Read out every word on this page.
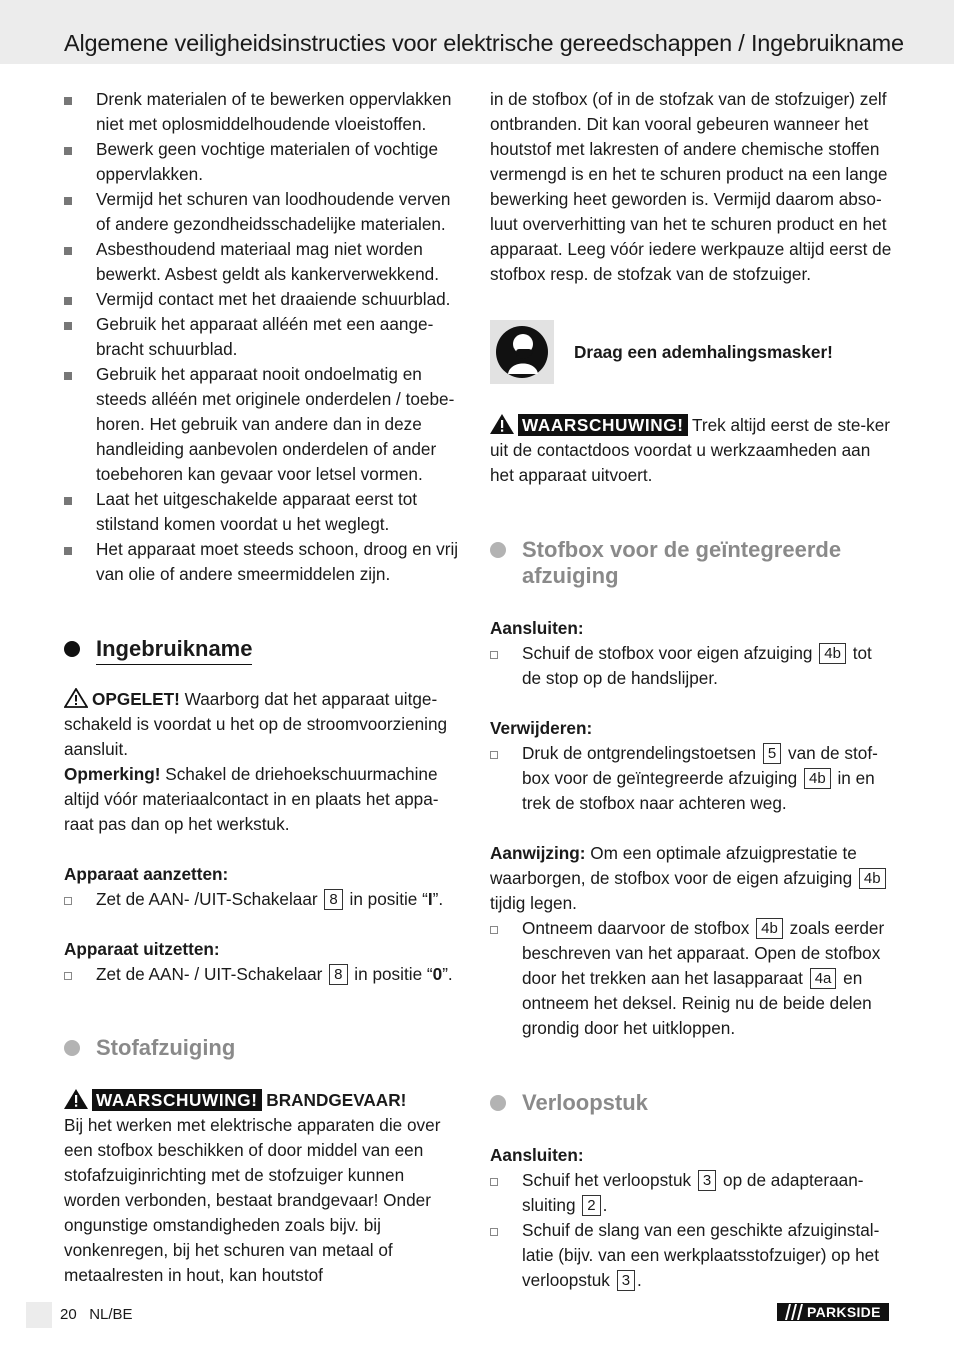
Algemene veiligheidsinstructies voor elektrische gereedschappen / Ingebruikname
Drenk materialen of te bewerken oppervlakken niet met oplosmiddelhoudende vloeistoffen.
Bewerk geen vochtige materialen of vochtige oppervlakken.
Vermijd het schuren van loodhoudende verven of andere gezondheidsschadelijke materialen.
Asbesthoudend materiaal mag niet worden bewerkt. Asbest geldt als kankerverwekkend.
Vermijd contact met het draaiende schuurblad.
Gebruik het apparaat alléén met een aange-bracht schuurblad.
Gebruik het apparaat nooit ondoelmatig en steeds alléén met originele onderdelen / toebe-horen. Het gebruik van andere dan in deze handleiding aanbevolen onderdelen of ander toebehoren kan gevaar voor letsel vormen.
Laat het uitgeschakelde apparaat eerst tot stilstand komen voordat u het weglegt.
Het apparaat moet steeds schoon, droog en vrij van olie of andere smeermiddelen zijn.
Ingebruikname

OPGELET! Waarborg dat het apparaat uitge-schakeld is voordat u het op de stroomvoorziening aansluit.

Opmerking! Schakel de driehoekschuurmachine altijd vóór materiaalcontact in en plaats het appa-raat pas dan op het werkstuk.

Apparaat aanzetten:

Zet de AAN- /UIT-Schakelaar 8 in positie “I”.

Apparaat uitzetten:

Zet de AAN- / UIT-Schakelaar 8 in positie “0”.
Stofafzuiging

WAARSCHUWING! BRANDGEVAAR!

Bij het werken met elektrische apparaten die over een stofbox beschikken of door middel van een stofafzuiginrichting met de stofzuiger kunnen worden verbonden, bestaat brandgevaar! Onder ongunstige omstandigheden zoals bijv. bij vonkenregen, bij het schuren van metaal of metaalresten in hout, kan houtstof

in de stofbox (of in de stofzak van de stofzuiger) zelf ontbranden. Dit kan vooral gebeuren wanneer het houtstof met lakresten of andere chemische stoffen vermengd is en het te schuren product na een lange bewerking heet geworden is. Vermijd daarom abso-luut oververhitting van het te schuren product en het apparaat. Leeg vóór iedere werkpauze altijd eerst de stofbox resp. de stofzak van de stofzuiger.

Draag een ademhalingsmasker!

WAARSCHUWING! Trek altijd eerst de ste-ker uit de contactdoos voordat u werkzaamheden aan het apparaat uitvoert.

Stofbox voor de geïntegreerde afzuiging

Aansluiten:

Schuif de stofbox voor eigen afzuiging 4b tot de stop op de handslijper.

Verwijderen:

Druk de ontgrendelingstoetsen 5 van de stof-box voor de geïntegreerde afzuiging 4b in en trek de stofbox naar achteren weg.

Aanwijzing: Om een optimale afzuigprestatie te waarborgen, de stofbox voor de eigen afzuiging 4b tijdig legen.

Ontneem daarvoor de stofbox 4b zoals eerder beschreven van het apparaat. Open de stofbox door het trekken aan het lasapparaat 4a en ontneem het deksel. Reinig nu de beide delen grondig door het uitkloppen.
Verloopstuk

Aansluiten:

Schuif het verloopstuk 3 op de adapteraan-sluiting 2 .
Schuif de slang van een geschikte afzuiginstal-latie (bijv. van een werkplaatsstofzuiger) op het verloopstuk 3 .
20 NL/BE	PARKSIDE
